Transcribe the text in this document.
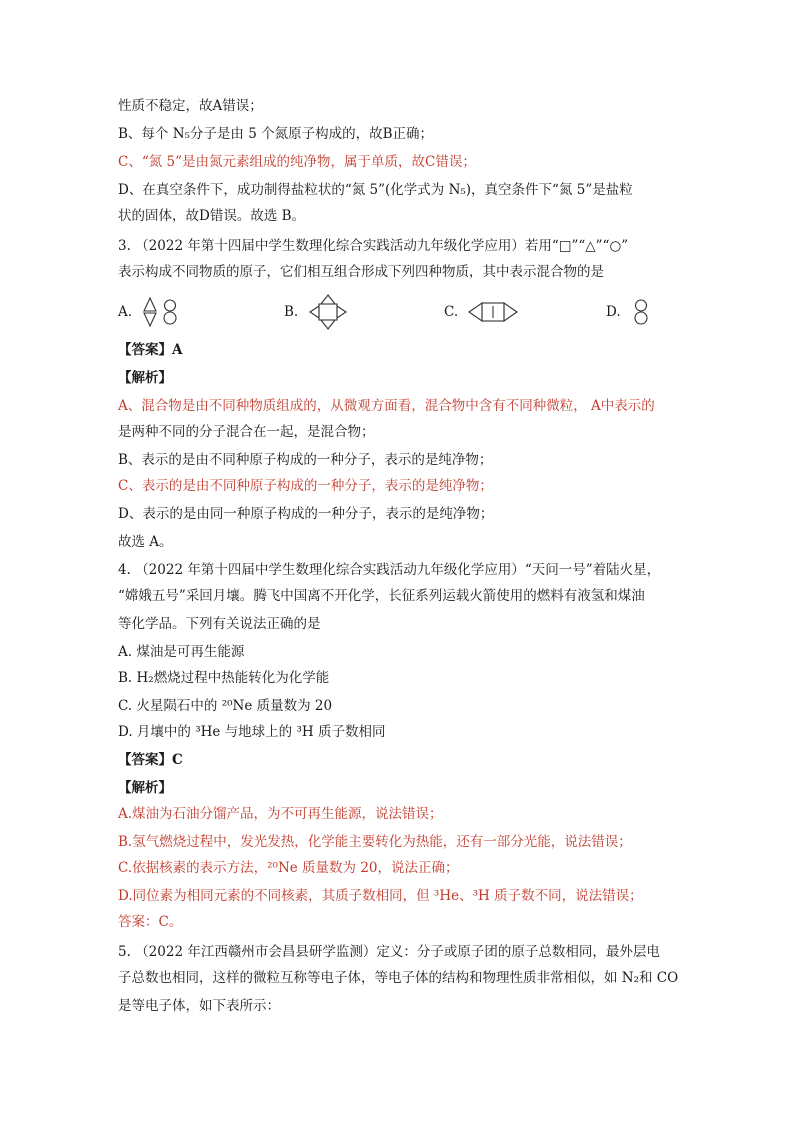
性质不稳定，故A错误；
B、每个 N₅分子是由 5 个氮原子构成的，故B正确；
C、“氮 5”是由氮元素组成的纯净物，属于单质，故C错误；
D、在真空条件下，成功制得盐粒状的“氮 5”(化学式为 N₅)，真空条件下“氮 5”是盐粒
状的固体，故D错误。故选 B。
3. （2022 年第十四届中学生数理化综合实践活动九年级化学应用）若用“□”“△”“○”
表示构成不同物质的原子，它们相互组合形成下列四种物质，其中表示混合物的是
A.	B.	C.	D.
【答案】A
【解析】
A、混合物是由不同种物质组成的，从微观方面看，混合物中含有不同种微粒， A中表示的
是两种不同的分子混合在一起，是混合物；
B、表示的是由不同种原子构成的一种分子，表示的是纯净物；
C、表示的是由不同种原子构成的一种分子，表示的是纯净物；
D、表示的是由同一种原子构成的一种分子，表示的是纯净物；
故选 A。
4. （2022 年第十四届中学生数理化综合实践活动九年级化学应用）“天问一号”着陆火星，
“嫦娥五号”采回月壤。腾飞中国离不开化学，长征系列运载火箭使用的燃料有液氢和煤油
等化学品。下列有关说法正确的是
A. 煤油是可再生能源
B. H₂燃烧过程中热能转化为化学能
C. 火星陨石中的 ²⁰Ne 质量数为 20
D. 月壤中的 ³He 与地球上的 ³H 质子数相同
【答案】C
【解析】
A.煤油为石油分馏产品，为不可再生能源，说法错误；
B.氢气燃烧过程中，发光发热，化学能主要转化为热能，还有一部分光能，说法错误；
C.依据核素的表示方法，²⁰Ne 质量数为 20，说法正确；
D.同位素为相同元素的不同核素，其质子数相同，但 ³He、³H 质子数不同，说法错误；
答案：C。
5. （2022 年江西赣州市会昌县研学监测）定义：分子或原子团的原子总数相同，最外层电
子总数也相同，这样的微粒互称等电子体，等电子体的结构和物理性质非常相似，如 N₂和 CO
是等电子体，如下表所示：
